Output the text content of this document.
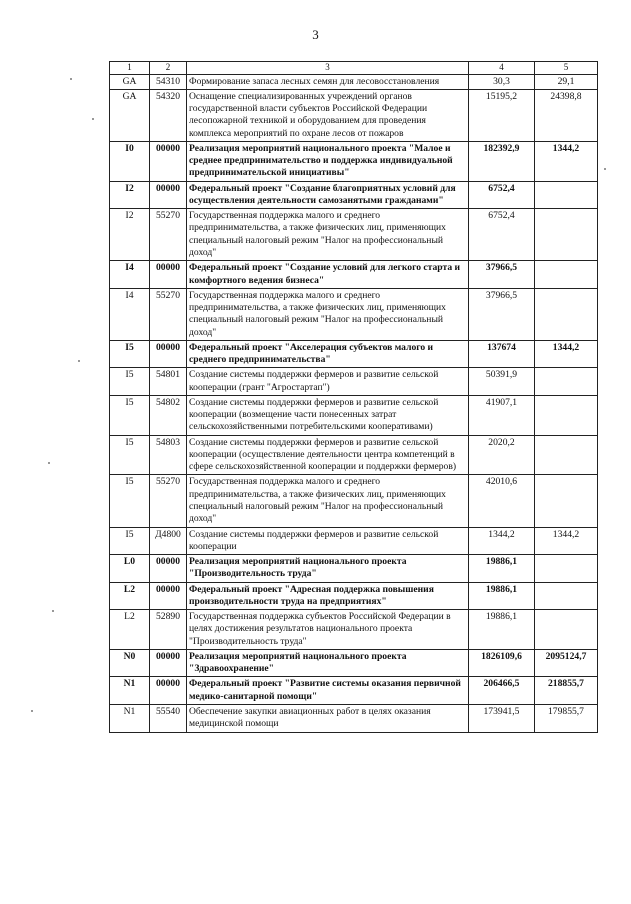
3
1	2	3	4	5
GA	54310	Формирование запаса лесных семян для лесовосстановления	30,3	29,1
GA	54320	Оснащение специализированных учреждений органов государственной власти субъектов Российской Федерации лесопожарной техникой и оборудованием для проведения комплекса мероприятий по охране лесов от пожаров	15195,2	24398,8
I0	00000	Реализация мероприятий национального проекта "Малое и среднее предпринимательство и поддержка индивидуальной предпринимательской инициативы"	182392,9	1344,2
I2	00000	Федеральный проект "Создание благоприятных условий для осуществления деятельности самозанятыми гражданами"	6752,4	
I2	55270	Государственная поддержка малого и среднего предпринимательства, а также физических лиц, применяющих специальный налоговый режим "Налог на профессиональный доход"	6752,4	
I4	00000	Федеральный проект "Создание условий для легкого старта и комфортного ведения бизнеса"	37966,5	
I4	55270	Государственная поддержка малого и среднего предпринимательства, а также физических лиц, применяющих специальный налоговый режим "Налог на профессиональный доход"	37966,5	
I5	00000	Федеральный проект "Акселерация субъектов малого и среднего предпринимательства"	137674	1344,2
I5	54801	Создание системы поддержки фермеров и развитие сельской кооперации (грант "Агростартап")	50391,9	
I5	54802	Создание системы поддержки фермеров и развитие сельской кооперации (возмещение части понесенных затрат сельскохозяйственными потребительскими кооперативами)	41907,1	
I5	54803	Создание системы поддержки фермеров и развитие сельской кооперации (осуществление деятельности центра компетенций в сфере сельскохозяйственной кооперации и поддержки фермеров)	2020,2	
I5	55270	Государственная поддержка малого и среднего предпринимательства, а также физических лиц, применяющих специальный налоговый режим "Налог на профессиональный доход"	42010,6	
I5	Д4800	Создание системы поддержки фермеров и развитие сельской кооперации	1344,2	1344,2
L0	00000	Реализация мероприятий национального проекта "Производительность труда"	19886,1	
L2	00000	Федеральный проект "Адресная поддержка повышения производительности труда на предприятиях"	19886,1	
L2	52890	Государственная поддержка субъектов Российской Федерации в целях достижения результатов национального проекта "Производительность труда"	19886,1	
N0	00000	Реализация мероприятий национального проекта "Здравоохранение"	1826109,6	2095124,7
N1	00000	Федеральный проект "Развитие системы оказания первичной медико-санитарной помощи"	206466,5	218855,7
N1	55540	Обеспечение закупки авиационных работ в целях оказания медицинской помощи	173941,5	179855,7
